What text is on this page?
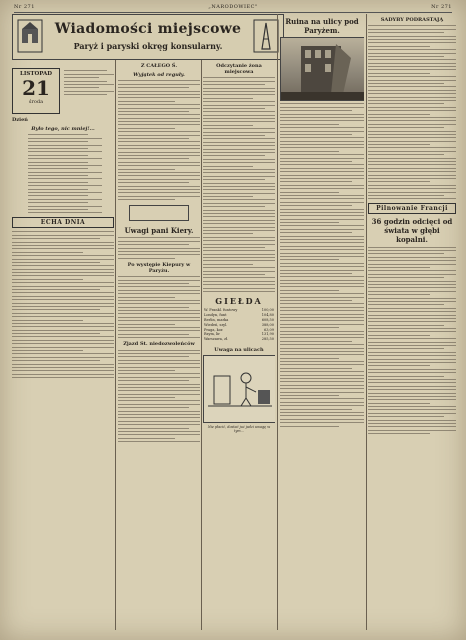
Nr 271	„NARODOWIEC"	Nr 271
Wiadomości miejscowe
Paryż i paryski okręg konsularny.
LISTOPAD
21
środa
Dzień
Było tego, nic mniej!...
ECHA DNIA
Z CAŁEGO Ś.
Wyjątek od reguły.
Uwagi pani Kiery.
Po występie Kiepury w Paryżu.
Zjazd St. niedozwoleńców
Odczytanie żona miejscowa
GIEŁDA
W. Frankl. funtowy	100,00
Londyn, funt	104,80
Berlin, marka	608,50
Wiedeń, szyl.	388,00
Praga, kor.	63,09
Rzym, lir	131,90
Warszawa, zł.	285,50
Uwaga na ulicach
Nie płacić, dostać już jadzi uwagę w tym...
Ruina na ulicy pod Paryżem.
SADYBY PODRASTAJĄ
Pilnowanie Francji
36 godzin odcięci od świata w głębi kopalni.
